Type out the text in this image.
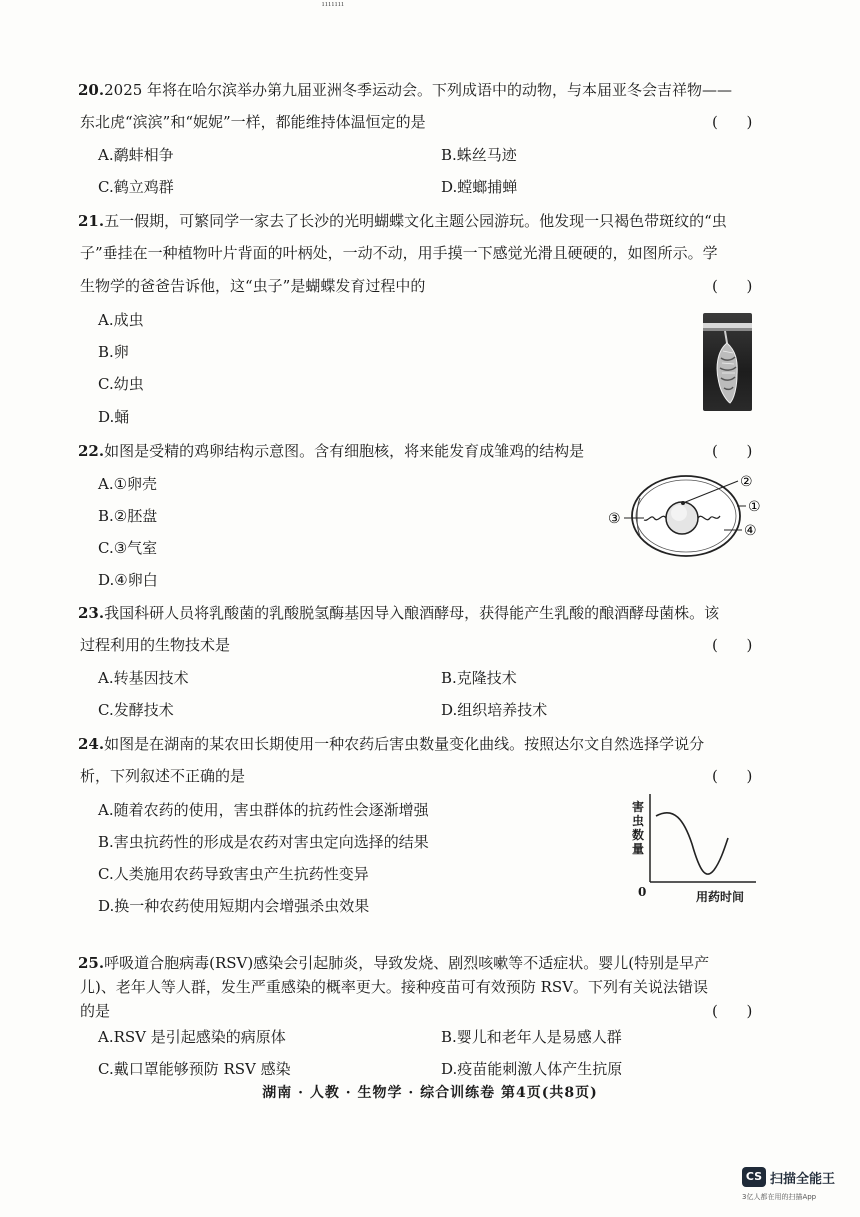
ııııııı
20.2025 年将在哈尔滨举办第九届亚洲冬季运动会。下列成语中的动物，与本届亚冬会吉祥物——
东北虎“滨滨”和“妮妮”一样，都能维持体温恒定的是	(      )
A.鹬蚌相争	B.蛛丝马迹
C.鹤立鸡群	D.螳螂捕蝉
21.五一假期，可繁同学一家去了长沙的光明蝴蝶文化主题公园游玩。他发现一只褐色带斑纹的“虫
子”垂挂在一种植物叶片背面的叶柄处，一动不动，用手摸一下感觉光滑且硬硬的，如图所示。学
生物学的爸爸告诉他，这“虫子”是蝴蝶发育过程中的	(      )
A.成虫
B.卵
C.幼虫
D.蛹
22.如图是受精的鸡卵结构示意图。含有细胞核，将来能发育成雏鸡的结构是	(      )
A.①卵壳
B.②胚盘
C.③气室
D.④卵白
②
①
③
④
23.我国科研人员将乳酸菌的乳酸脱氢酶基因导入酿酒酵母，获得能产生乳酸的酿酒酵母菌株。该
过程利用的生物技术是	(      )
A.转基因技术	B.克隆技术
C.发酵技术	D.组织培养技术
24.如图是在湖南的某农田长期使用一种农药后害虫数量变化曲线。按照达尔文自然选择学说分
析，下列叙述不正确的是	(      )
A.随着农药的使用，害虫群体的抗药性会逐渐增强
B.害虫抗药性的形成是农药对害虫定向选择的结果
C.人类施用农药导致害虫产生抗药性变异
D.换一种农药使用短期内会增强杀虫效果
害虫数量
0	用药时间
25.呼吸道合胞病毒(RSV)感染会引起肺炎，导致发烧、剧烈咳嗽等不适症状。婴儿(特别是早产
儿)、老年人等人群，发生严重感染的概率更大。接种疫苗可有效预防 RSV。下列有关说法错误
的是	(      )
A.RSV 是引起感染的病原体	B.婴儿和老年人是易感人群
C.戴口罩能够预防 RSV 感染	D.疫苗能刺激人体产生抗原
湖南 · 人教 · 生物学 · 综合训练卷 第4页(共8页)
CS 扫描全能王
3亿人都在用的扫描App
